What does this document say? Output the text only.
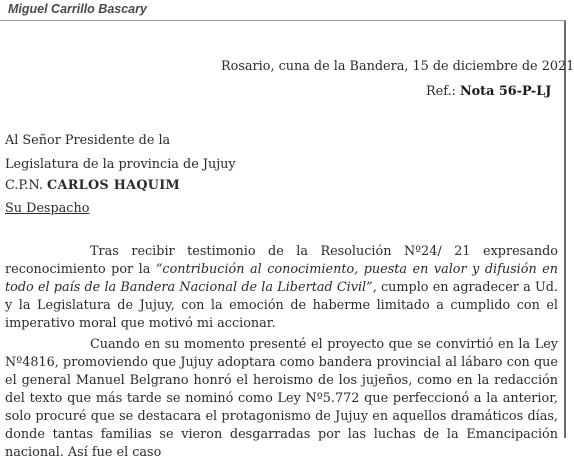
Miguel Carrillo Bascary
Rosario, cuna de la Bandera, 15 de diciembre de 2021
Ref.: Nota 56-P-LJ
Al Señor Presidente de la
Legislatura de la provincia de Jujuy
C.P.N. CARLOS HAQUIM
Su Despacho

Tras recibir testimonio de la Resolución Nº24/ 21 expresando reconocimiento por la “contribución al conocimiento, puesta en valor y difusión en todo el país de la Bandera Nacional de la Libertad Civil”, cumplo en agradecer a Ud. y la Legislatura de Jujuy, con la emoción de haberme limitado a cumplido con el imperativo moral que motivó mi accionar.

Cuando en su momento presenté el proyecto que se convirtió en la Ley Nº4816, promoviendo que Jujuy adoptara como bandera provincial al lábaro con que el general Manuel Belgrano honró el heroismo de los jujeños, como en la redacción del texto que más tarde se nominó como Ley Nº5.772 que perfeccionó a la anterior, solo procuré que se destacara el protagonismo de Jujuy en aquellos dramáticos días, donde tantas familias se vieron desgarradas por las luchas de la Emancipación nacional. Así fue el caso
